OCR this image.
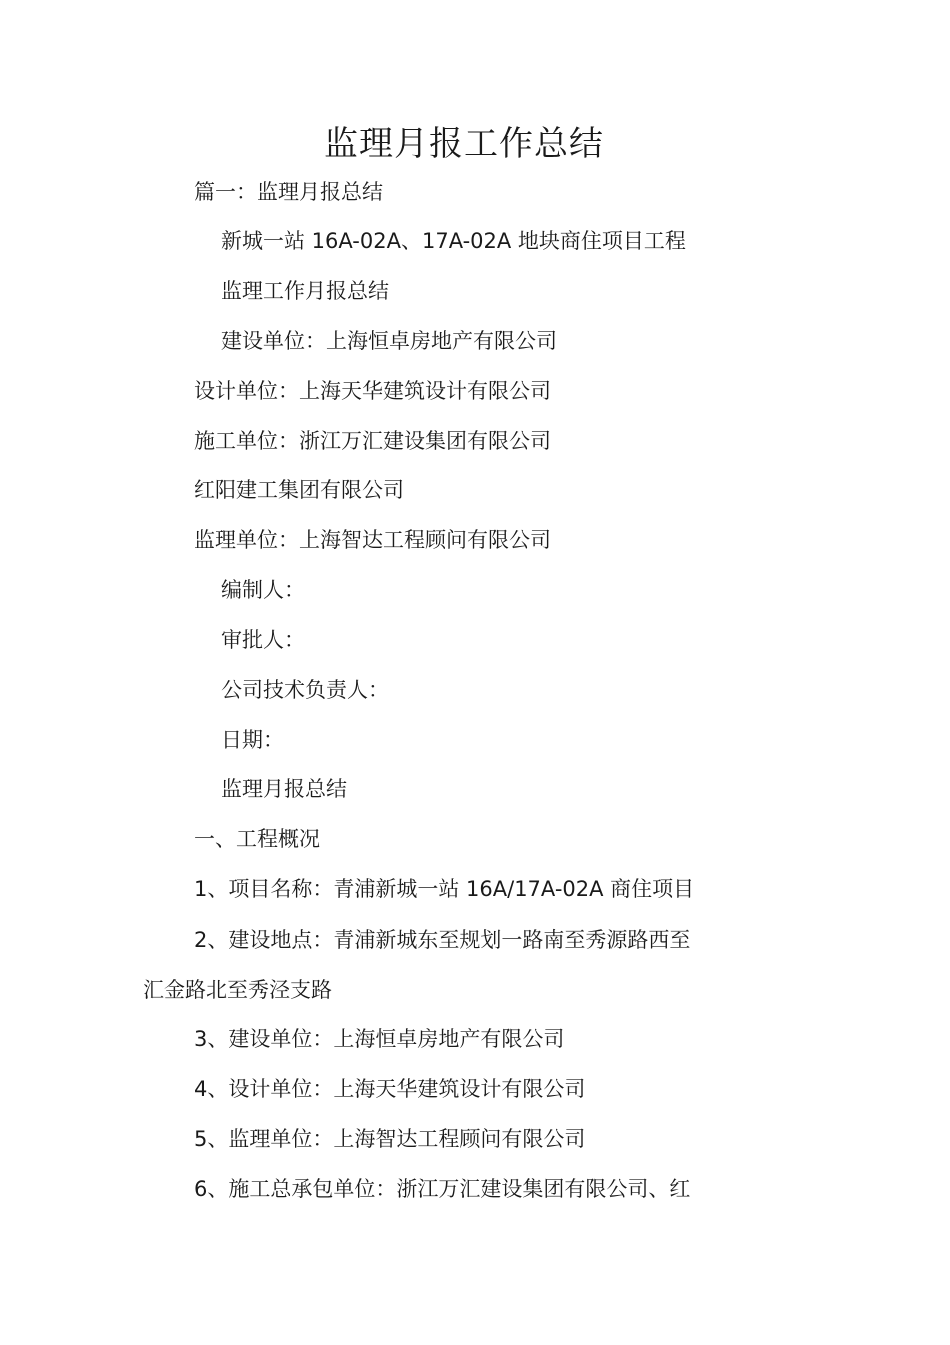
监理月报工作总结
篇一：监理月报总结
新城一站 16A-02A、17A-02A 地块商住项目工程
监理工作月报总结
建设单位：上海恒卓房地产有限公司
设计单位：上海天华建筑设计有限公司
施工单位：浙江万汇建设集团有限公司
红阳建工集团有限公司
监理单位：上海智达工程顾问有限公司
编制人：
审批人：
公司技术负责人：
日期：
监理月报总结
一、工程概况
1、项目名称：青浦新城一站 16A/17A-02A 商住项目
2、建设地点：青浦新城东至规划一路南至秀源路西至
汇金路北至秀泾支路
3、建设单位：上海恒卓房地产有限公司
4、设计单位：上海天华建筑设计有限公司
5、监理单位：上海智达工程顾问有限公司
6、施工总承包单位：浙江万汇建设集团有限公司、红
